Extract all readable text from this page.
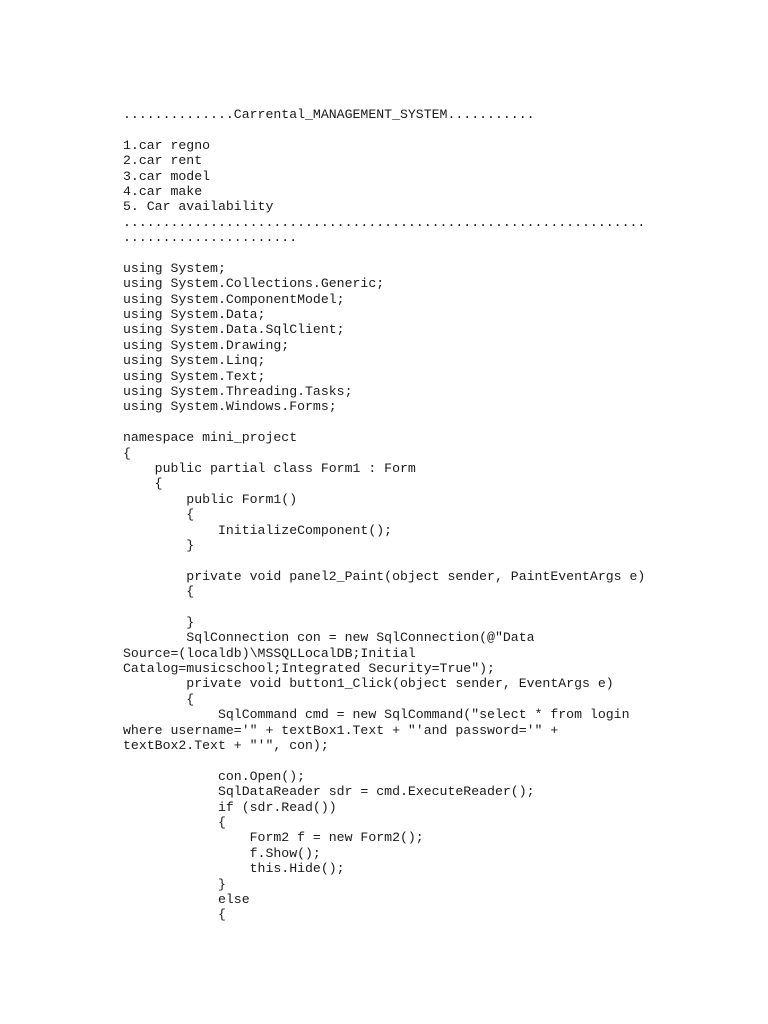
..............Carrental_MANAGEMENT_SYSTEM...........
1.car regno
2.car rent
3.car model
4.car make
5. Car availability
..................................................................
......................
using System;
using System.Collections.Generic;
using System.ComponentModel;
using System.Data;
using System.Data.SqlClient;
using System.Drawing;
using System.Linq;
using System.Text;
using System.Threading.Tasks;
using System.Windows.Forms;
namespace mini_project
{
public partial class Form1 : Form
{
public Form1()
{
InitializeComponent();
}
private void panel2_Paint(object sender, PaintEventArgs e)
{
}
SqlConnection con = new SqlConnection(@"Data
Source=(localdb)\MSSQLLocalDB;Initial
Catalog=musicschool;Integrated Security=True");
private void button1_Click(object sender, EventArgs e)
{
SqlCommand cmd = new SqlCommand("select * from login
where username='" + textBox1.Text + "'and password='" +
textBox2.Text + "'", con);
con.Open();
SqlDataReader sdr = cmd.ExecuteReader();
if (sdr.Read())
{
Form2 f = new Form2();
f.Show();
this.Hide();
}
else
{
